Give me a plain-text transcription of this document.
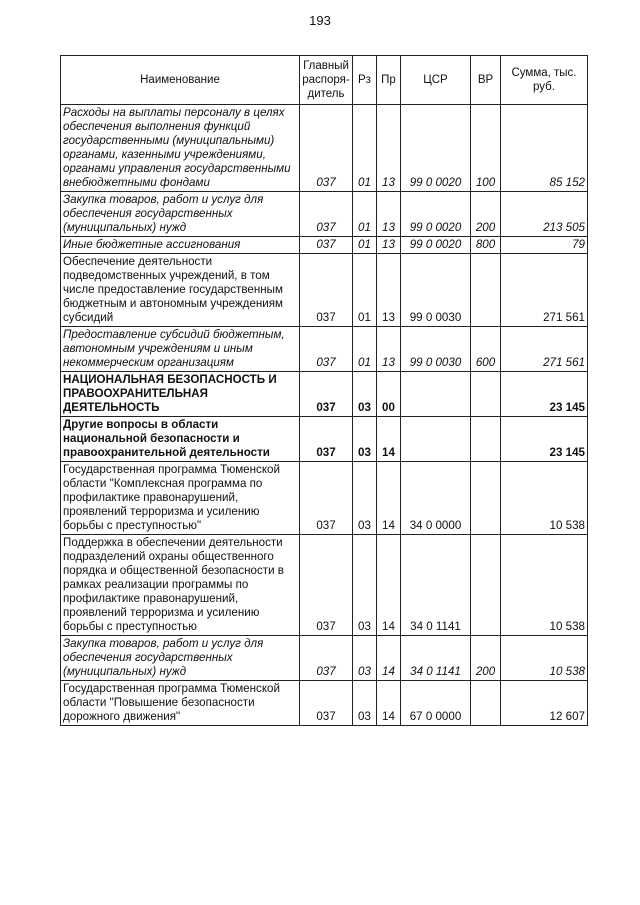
193
Наименование	Главный распоря-дитель	Рз	Пр	ЦСР	ВР	Сумма, тыс. руб.
Расходы на выплаты персоналу в целях обеспечения выполнения функций государственными (муниципальными) органами, казенными учреждениями, органами управления государственными внебюджетными фондами	037	01	13	99 0 0020	100	85 152
Закупка товаров, работ и услуг для обеспечения государственных (муниципальных) нужд	037	01	13	99 0 0020	200	213 505
Иные бюджетные ассигнования	037	01	13	99 0 0020	800	79
Обеспечение деятельности подведомственных учреждений, в том числе предоставление государственным бюджетным и автономным учреждениям субсидий	037	01	13	99 0 0030		271 561
Предоставление субсидий бюджетным, автономным учреждениям и иным некоммерческим организациям	037	01	13	99 0 0030	600	271 561
НАЦИОНАЛЬНАЯ БЕЗОПАСНОСТЬ И ПРАВООХРАНИТЕЛЬНАЯ ДЕЯТЕЛЬНОСТЬ	037	03	00			23 145
Другие вопросы в области национальной безопасности и правоохранительной деятельности	037	03	14			23 145
Государственная программа Тюменской области "Комплексная программа по профилактике правонарушений, проявлений терроризма и усилению борьбы с преступностью"	037	03	14	34 0 0000		10 538
Поддержка в обеспечении деятельности подразделений охраны общественного порядка и общественной безопасности в рамках реализации программы по профилактике правонарушений, проявлений терроризма и усилению борьбы с преступностью	037	03	14	34 0 1141		10 538
Закупка товаров, работ и услуг для обеспечения государственных (муниципальных) нужд	037	03	14	34 0 1141	200	10 538
Государственная программа Тюменской области "Повышение безопасности дорожного движения"	037	03	14	67 0 0000		12 607
